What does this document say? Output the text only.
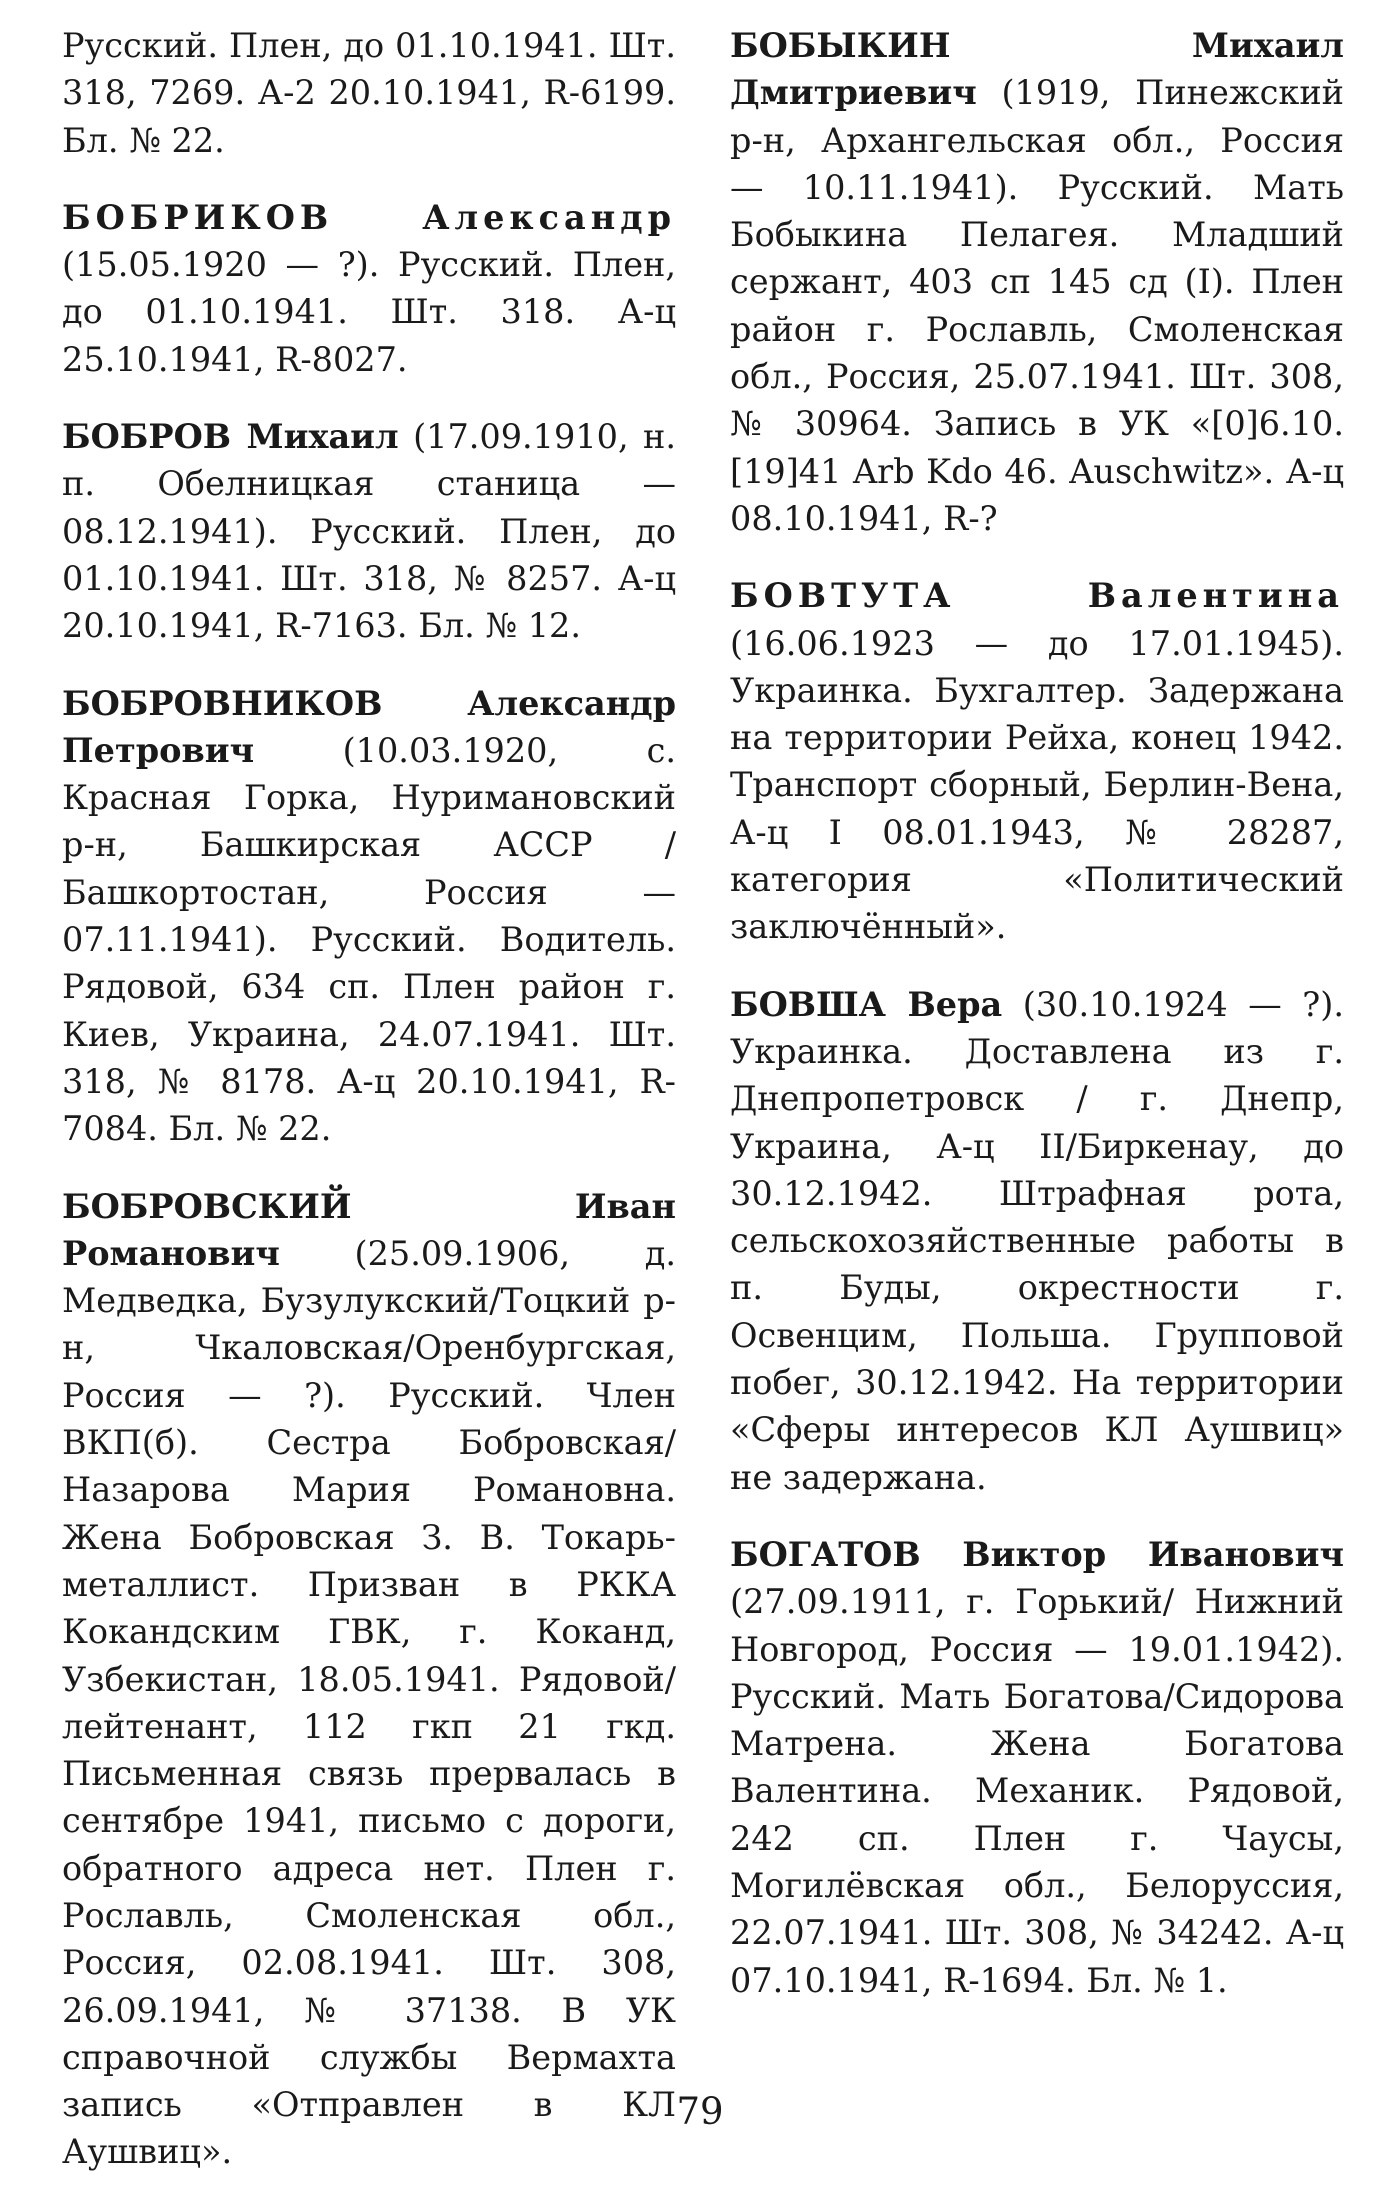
Русский. Плен, до 01.10.1941. Шт. 318, 7269. А-2 20.10.1941, R-6199. Бл. № 22.

БОБРИКОВ Александр (15.05.1920 — ?). Русский. Плен, до 01.10.1941. Шт. 318. А-ц 25.10.1941, R-8027.

БОБРОВ Михаил (17.09.1910, н. п. Обелницкая станица — 08.12.1941). Русский. Плен, до 01.10.1941. Шт. 318, № 8257. А-ц 20.10.1941, R-7163. Бл. № 12.

БОБРОВНИКОВ Александр Петрович (10.03.1920, с. Красная Горка, Нуримановский р-н, Башкирская АССР / Башкортостан, Россия — 07.11.1941). Русский. Водитель. Рядовой, 634 сп. Плен район г. Киев, Украина, 24.07.1941. Шт. 318, № 8178. А-ц 20.10.1941, R-7084. Бл. № 22.

БОБРОВСКИЙ Иван Романович (25.09.1906, д. Медведка, Бузулукский/Тоцкий р-н, Чкаловская/Оренбургская, Россия — ?). Русский. Член ВКП(б). Сестра Бобровская/ Назарова Мария Романовна. Жена Бобровская З. В. Токарь-металлист. Призван в РККА Кокандским ГВК, г. Коканд, Узбекистан, 18.05.1941. Рядовой/лейтенант, 112 гкп 21 гкд. Письменная связь прервалась в сентябре 1941, письмо с дороги, обратного адреса нет. Плен г. Рославль, Смоленская обл., Россия, 02.08.1941. Шт. 308, 26.09.1941, № 37138. В УК справочной службы Вермахта запись «Отправлен в КЛ Аушвиц».

БОБЫКИН Михаил Дмитриевич (1919, Пинежский р-н, Архангельская обл., Россия — 10.11.1941). Русский. Мать Бобыкина Пелагея. Младший сержант, 403 сп 145 сд (I). Плен район г. Рославль, Смоленская обл., Россия, 25.07.1941. Шт. 308, № 30964. Запись в УК «[0]6.10. [19]41 Arb Kdo 46. Auschwitz». А-ц 08.10.1941, R-?

БОВТУТА Валентина (16.06.1923 — до 17.01.1945). Украинка. Бухгалтер. Задержана на территории Рейха, конец 1942. Транспорт сборный, Берлин-Вена, А-ц I 08.01.1943, № 28287, категория «Политический заключённый».

БОВША Вера (30.10.1924 — ?). Украинка. Доставлена из г. Днепропетровск / г. Днепр, Украина, А-ц II/Биркенау, до 30.12.1942. Штрафная рота, сельскохозяйственные работы в п. Буды, окрестности г. Освенцим, Польша. Групповой побег, 30.12.1942. На территории «Сферы интересов КЛ Аушвиц» не задержана.

БОГАТОВ Виктор Иванович (27.09.1911, г. Горький/ Нижний Новгород, Россия — 19.01.1942). Русский. Мать Богатова/Сидорова Матрена. Жена Богатова Валентина. Механик. Рядовой, 242 сп. Плен г. Чаусы, Могилёвская обл., Белоруссия, 22.07.1941. Шт. 308, № 34242. А-ц 07.10.1941, R-1694. Бл. № 1.

79
